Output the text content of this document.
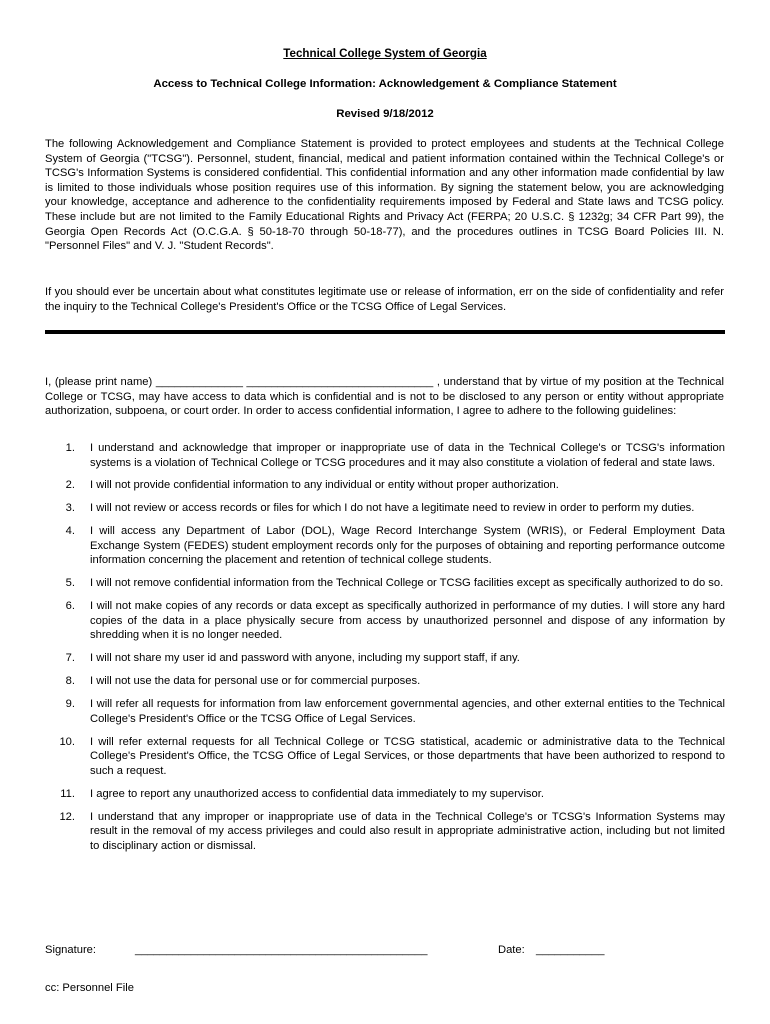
Technical College System of Georgia
Access to Technical College Information: Acknowledgement & Compliance Statement
Revised 9/18/2012
The following Acknowledgement and Compliance Statement is provided to protect employees and students at the Technical College System of Georgia ("TCSG"). Personnel, student, financial, medical and patient information contained within the Technical College's or TCSG's Information Systems is considered confidential. This confidential information and any other information made confidential by law is limited to those individuals whose position requires use of this information. By signing the statement below, you are acknowledging your knowledge, acceptance and adherence to the confidentiality requirements imposed by Federal and State laws and TCSG policy. These include but are not limited to the Family Educational Rights and Privacy Act (FERPA; 20 U.S.C. § 1232g; 34 CFR Part 99), the Georgia Open Records Act (O.C.G.A. § 50-18-70 through 50-18-77), and the procedures outlines in TCSG Board Policies III. N. "Personnel Files" and V. J. "Student Records".
If you should ever be uncertain about what constitutes legitimate use or release of information, err on the side of confidentiality and refer the inquiry to the Technical College's President's Office or the TCSG Office of Legal Services.
I, (please print name) ______________ ______________________________ , understand that by virtue of my position at the Technical College or TCSG, may have access to data which is confidential and is not to be disclosed to any person or entity without appropriate authorization, subpoena, or court order. In order to access confidential information, I agree to adhere to the following guidelines:
1. I understand and acknowledge that improper or inappropriate use of data in the Technical College's or TCSG's information systems is a violation of Technical College or TCSG procedures and it may also constitute a violation of federal and state laws.
2. I will not provide confidential information to any individual or entity without proper authorization.
3. I will not review or access records or files for which I do not have a legitimate need to review in order to perform my duties.
4. I will access any Department of Labor (DOL), Wage Record Interchange System (WRIS), or Federal Employment Data Exchange System (FEDES) student employment records only for the purposes of obtaining and reporting performance outcome information concerning the placement and retention of technical college students.
5. I will not remove confidential information from the Technical College or TCSG facilities except as specifically authorized to do so.
6. I will not make copies of any records or data except as specifically authorized in performance of my duties. I will store any hard copies of the data in a place physically secure from access by unauthorized personnel and dispose of any information by shredding when it is no longer needed.
7. I will not share my user id and password with anyone, including my support staff, if any.
8. I will not use the data for personal use or for commercial purposes.
9. I will refer all requests for information from law enforcement governmental agencies, and other external entities to the Technical College's President's Office or the TCSG Office of Legal Services.
10. I will refer external requests for all Technical College or TCSG statistical, academic or administrative data to the Technical College's President's Office, the TCSG Office of Legal Services, or those departments that have been authorized to respond to such a request.
11. I agree to report any unauthorized access to confidential data immediately to my supervisor.
12. I understand that any improper or inappropriate use of data in the Technical College's or TCSG's Information Systems may result in the removal of my access privileges and could also result in appropriate administrative action, including but not limited to disciplinary action or dismissal.
Signature:	_______________________________________________	Date: ___________
cc: Personnel File
